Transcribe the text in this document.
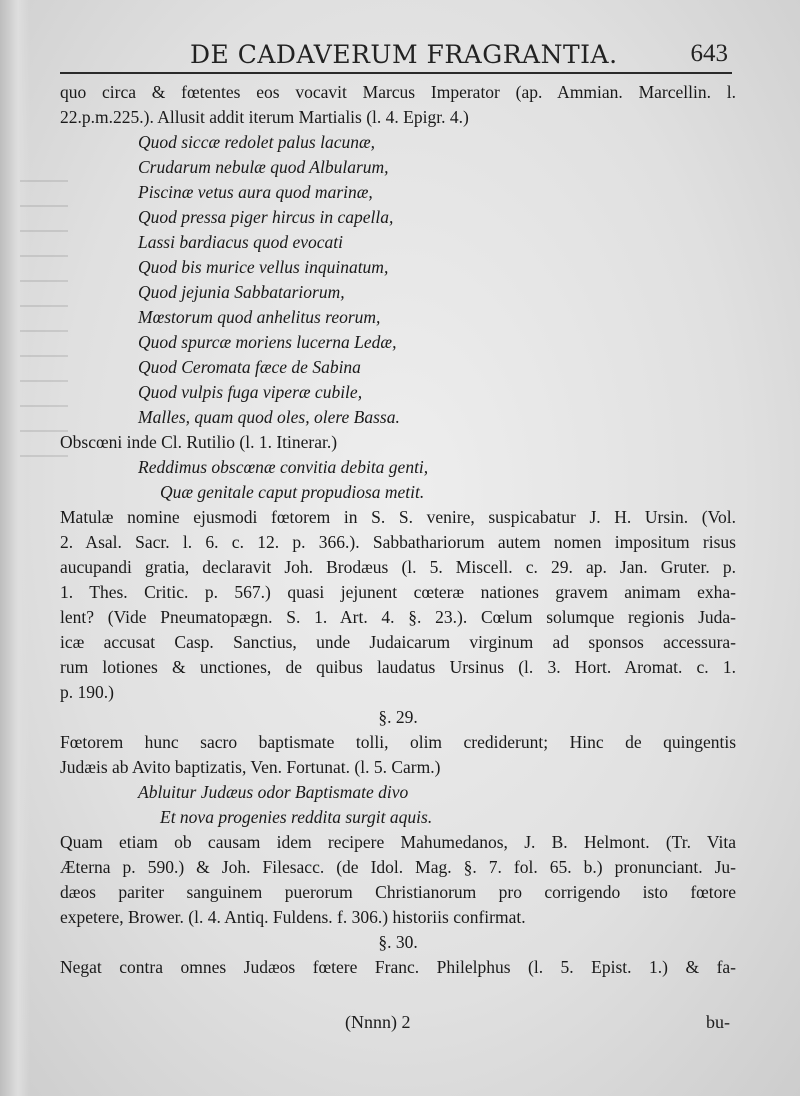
DE CADAVERUM FRAGRANTIA.	643
quo circa & fœtentes eos vocavit Marcus Imperator (ap. Ammian. Marcellin. l.
22.p.m.225.). Allusit addit iterum Martialis (l. 4. Epigr. 4.)
Quod siccæ redolet palus lacunæ,
Crudarum nebulæ quod Albularum,
Piscinæ vetus aura quod marinæ,
Quod pressa piger hircus in capella,
Lassi bardiacus quod evocati
Quod bis murice vellus inquinatum,
Quod jejunia Sabbatariorum,
Mœstorum quod anhelitus reorum,
Quod spurcæ moriens lucerna Ledæ,
Quod Ceromata fæce de Sabina
Quod vulpis fuga viperæ cubile,
Malles, quam quod oles, olere Bassa.
Obscœni inde Cl. Rutilio (l. 1. Itinerar.)
Reddimus obscœnæ convitia debita genti,
Quæ genitale caput propudiosa metit.
Matulæ nomine ejusmodi fœtorem in S. S. venire, suspicabatur J. H. Ursin. (Vol.
2. Asal. Sacr. l. 6. c. 12. p. 366.). Sabbathariorum autem nomen impositum risus
aucupandi gratia, declaravit Joh. Brodæus (l. 5. Miscell. c. 29. ap. Jan. Gruter. p.
1. Thes. Critic. p. 567.) quasi jejunent cœteræ nationes gravem animam exha-
lent? (Vide Pneumatopægn. S. 1. Art. 4. §. 23.). Cœlum solumque regionis Juda-
icæ accusat Casp. Sanctius, unde Judaicarum virginum ad sponsos accessura-
rum lotiones & unctiones, de quibus laudatus Ursinus (l. 3. Hort. Aromat. c. 1.
p. 190.)
§. 29.
Fœtorem hunc sacro baptismate tolli, olim crediderunt; Hinc de quingentis
Judæis ab Avito baptizatis, Ven. Fortunat. (l. 5. Carm.)
Abluitur Judæus odor Baptismate divo
Et nova progenies reddita surgit aquis.
Quam etiam ob causam idem recipere Mahumedanos, J. B. Helmont. (Tr. Vita
Æterna p. 590.) & Joh. Filesacc. (de Idol. Mag. §. 7. fol. 65. b.) pronunciant. Ju-
dæos pariter sanguinem puerorum Christianorum pro corrigendo isto fœtore
expetere, Brower. (l. 4. Antiq. Fuldens. f. 306.) historiis confirmat.
§. 30.
Negat contra omnes Judæos fœtere Franc. Philelphus (l. 5. Epist. 1.) & fa-
(Nnnn) 2	bu-
